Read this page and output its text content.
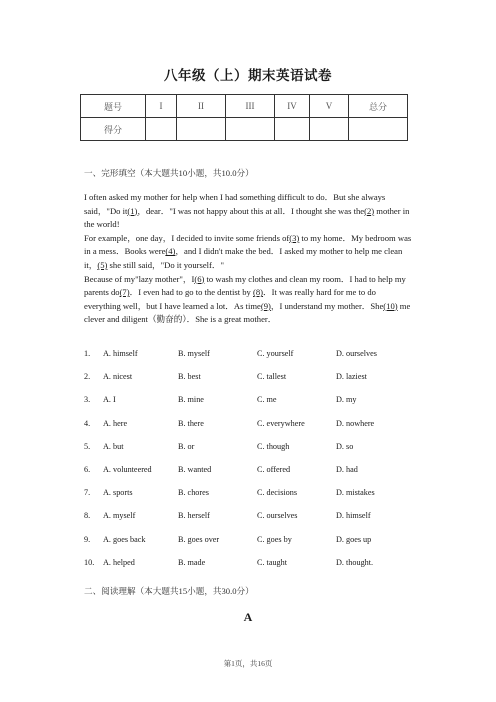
八年级（上）期末英语试卷
题号	I	II	III	IV	V	总分
得分						
一、完形填空（本大题共10小题，共10.0分）

I often asked my mother for help when I had something difficult to do．But she always said，"Do it(1)，dear．"I was not happy about this at all．I thought she was the(2) mother in the world!

For example，one day，I decided to invite some friends of(3) to my home．My bedroom was in a mess．Books were(4)，and I didn't make the bed．I asked my mother to help me clean it，(5) she still said，"Do it yourself．"

Because of my"lazy mother"，I(6) to wash my clothes and clean my room．I had to help my parents do(7)．I even had to go to the dentist by (8)．It was really hard for me to do everything well，but I have learned a lot．As time(9)，I understand my mother．She(10) me clever and diligent（勤奋的）．She is a great mother．

1. A. himself	B. myself	C. yourself	D. ourselves
2. A. nicest	B. best	C. tallest	D. laziest
3. A. I	B. mine	C. me	D. my
4. A. here	B. there	C. everywhere	D. nowhere
5. A. but	B. or	C. though	D. so
6. A. volunteered	B. wanted	C. offered	D. had
7. A. sports	B. chores	C. decisions	D. mistakes
8. A. myself	B. herself	C. ourselves	D. himself
9. A. goes back	B. goes over	C. goes by	D. goes up
10. A. helped	B. made	C. taught	D. thought.
二、阅读理解（本大题共15小题，共30.0分）
A
第1页，共16页
